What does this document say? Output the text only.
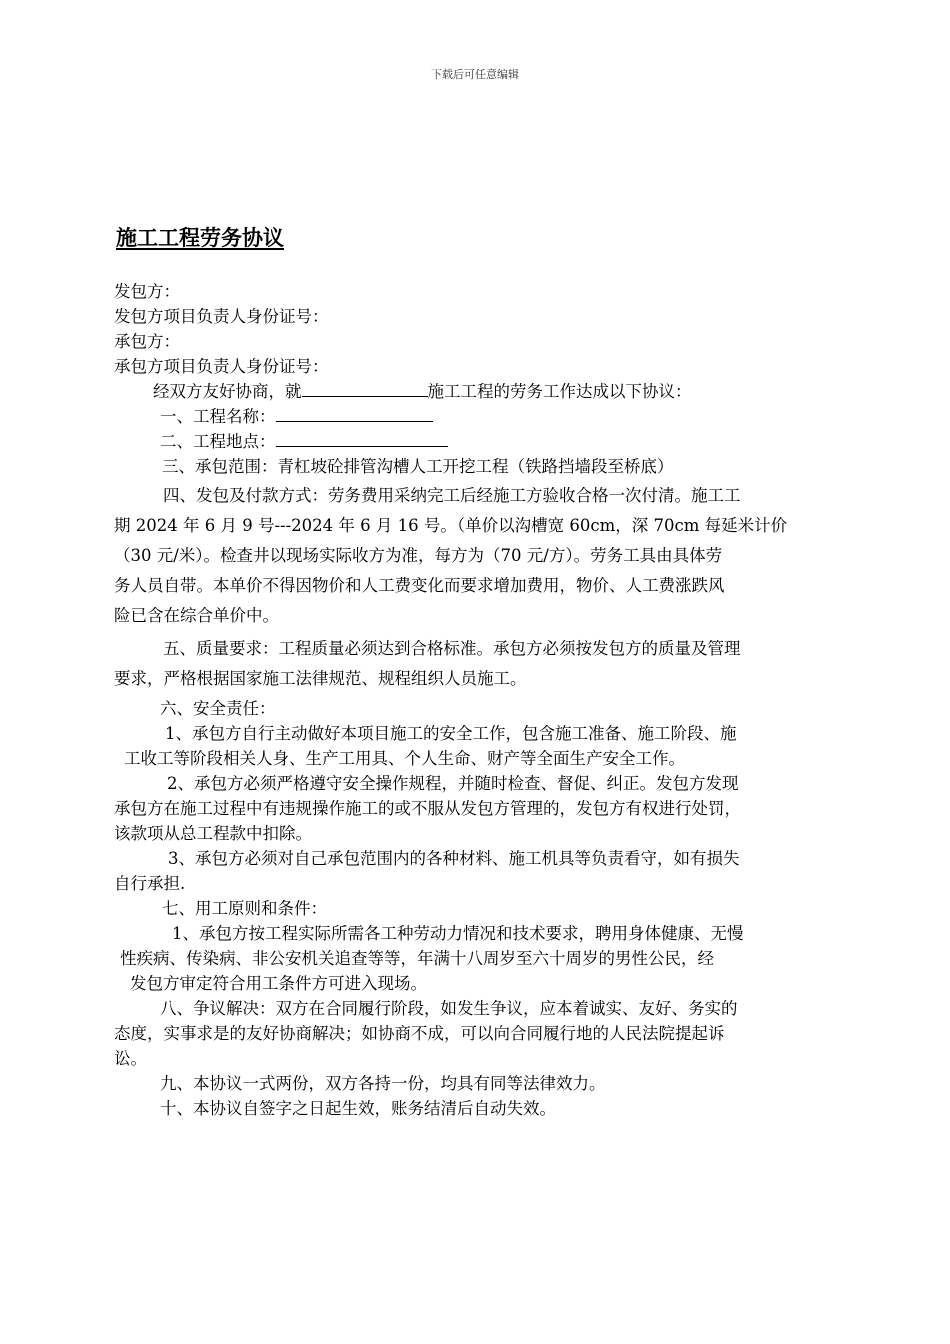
下载后可任意编辑
施工工程劳务协议
发包方：
发包方项目负责人身份证号：
承包方：
承包方项目负责人身份证号：
经双方友好协商，就	施工工程的劳务工作达成以下协议：
一、工程名称：
二、工程地点：
三、承包范围：青杠坡砼排管沟槽人工开挖工程（铁路挡墙段至桥底）
四、发包及付款方式：劳务费用采纳完工后经施工方验收合格一次付清。施工工
期 2024 年 6 月 9 号---2024 年 6 月 16 号。（单价以沟槽宽 60cm，深 70cm 每延米计价
（30 元/米）。检查井以现场实际收方为准，每方为（70 元/方）。劳务工具由具体劳
务人员自带。本单价不得因物价和人工费变化而要求增加费用，物价、人工费涨跌风
险已含在综合单价中。
五、质量要求：工程质量必须达到合格标准。承包方必须按发包方的质量及管理
要求，严格根据国家施工法律规范、规程组织人员施工。
六、安全责任：
1、承包方自行主动做好本项目施工的安全工作，包含施工准备、施工阶段、施
工收工等阶段相关人身、生产工用具、个人生命、财产等全面生产安全工作。
2、承包方必须严格遵守安全操作规程，并随时检查、督促、纠正。发包方发现
承包方在施工过程中有违规操作施工的或不服从发包方管理的，发包方有权进行处罚，
该款项从总工程款中扣除。
3、承包方必须对自己承包范围内的各种材料、施工机具等负责看守，如有损失
自行承担.
七、用工原则和条件：
1、承包方按工程实际所需各工种劳动力情况和技术要求，聘用身体健康、无慢
性疾病、传染病、非公安机关追查等等，年满十八周岁至六十周岁的男性公民，经
发包方审定符合用工条件方可进入现场。
八、争议解决：双方在合同履行阶段，如发生争议，应本着诚实、友好、务实的
态度，实事求是的友好协商解决；如协商不成，可以向合同履行地的人民法院提起诉
讼。
九、本协议一式两份，双方各持一份，均具有同等法律效力。
十、本协议自签字之日起生效，账务结清后自动失效。
